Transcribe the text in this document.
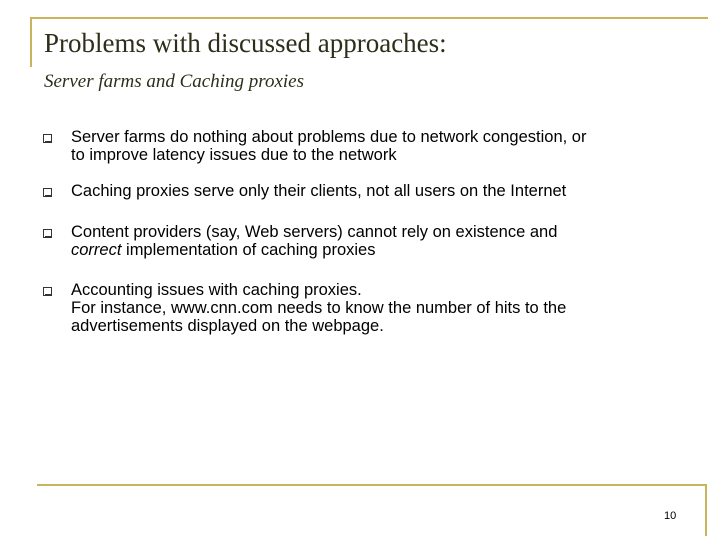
Problems with discussed approaches:
Server farms and Caching proxies
Server farms do nothing about problems due to network congestion, or
to improve latency issues due to the network
Caching proxies serve only their clients, not all users on the Internet
Content providers (say, Web servers) cannot rely on existence and
correct implementation of caching proxies
Accounting issues with caching proxies.
For instance, www.cnn.com needs to know the number of hits to the
advertisements displayed on the webpage.
10
